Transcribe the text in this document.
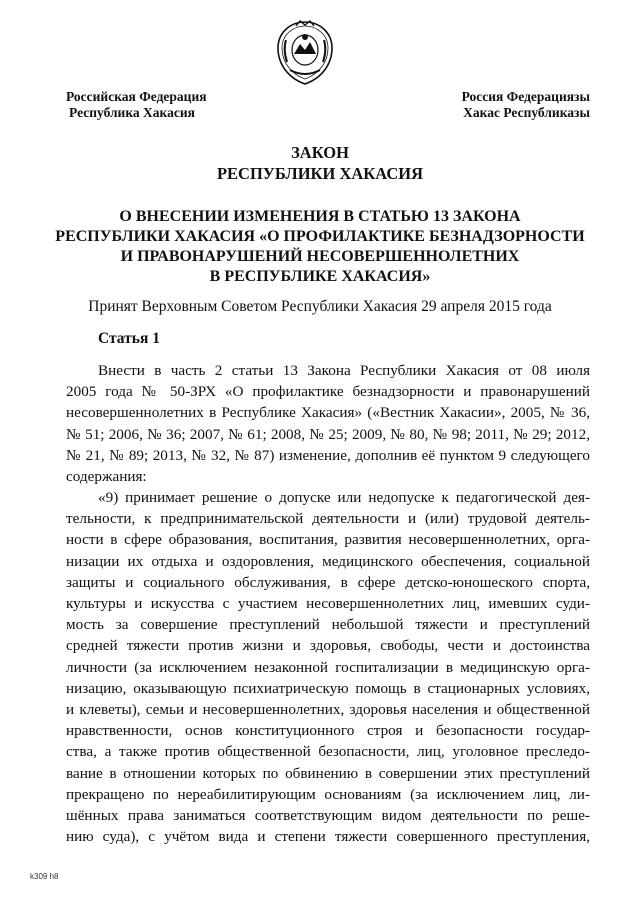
Российская Федерация
Республика Хакасия
Россия Федерациязы
Хакас Республиказы
ЗАКОН
РЕСПУБЛИКИ ХАКАСИЯ
О ВНЕСЕНИИ ИЗМЕНЕНИЯ В СТАТЬЮ 13 ЗАКОНА
РЕСПУБЛИКИ ХАКАСИЯ «О ПРОФИЛАКТИКЕ БЕЗНАДЗОРНОСТИ
И ПРАВОНАРУШЕНИЙ НЕСОВЕРШЕННОЛЕТНИХ
В РЕСПУБЛИКЕ ХАКАСИЯ»
Принят Верховным Советом Республики Хакасия 29 апреля 2015 года
Статья 1
Внести в часть 2 статьи 13 Закона Республики Хакасия от 08 июля
2005 года № 50-ЗРХ «О профилактике безнадзорности и правонарушений
несовершеннолетних в Республике Хакасия» («Вестник Хакасии», 2005, № 36,
№ 51; 2006, № 36; 2007, № 61; 2008, № 25; 2009, № 80, № 98; 2011, № 29; 2012,
№ 21, № 89; 2013, № 32, № 87) изменение, дополнив её пунктом 9 следующего
содержания:
«9) принимает решение о допуске или недопуске к педагогической дея-
тельности, к предпринимательской деятельности и (или) трудовой деятель-
ности в сфере образования, воспитания, развития несовершеннолетних, орга-
низации их отдыха и оздоровления, медицинского обеспечения, социальной
защиты и социального обслуживания, в сфере детско-юношеского спорта,
культуры и искусства с участием несовершеннолетних лиц, имевших суди-
мость за совершение преступлений небольшой тяжести и преступлений
средней тяжести против жизни и здоровья, свободы, чести и достоинства
личности (за исключением незаконной госпитализации в медицинскую орга-
низацию, оказывающую психиатрическую помощь в стационарных условиях,
и клеветы), семьи и несовершеннолетних, здоровья населения и общественной
нравственности, основ конституционного строя и безопасности государ-
ства, а также против общественной безопасности, лиц, уголовное преследо-
вание в отношении которых по обвинению в совершении этих преступлений
прекращено по нереабилитирующим основаниям (за исключением лиц, ли-
шённых права заниматься соответствующим видом деятельности по реше-
нию суда), с учётом вида и степени тяжести совершенного преступления,
k309 h8
